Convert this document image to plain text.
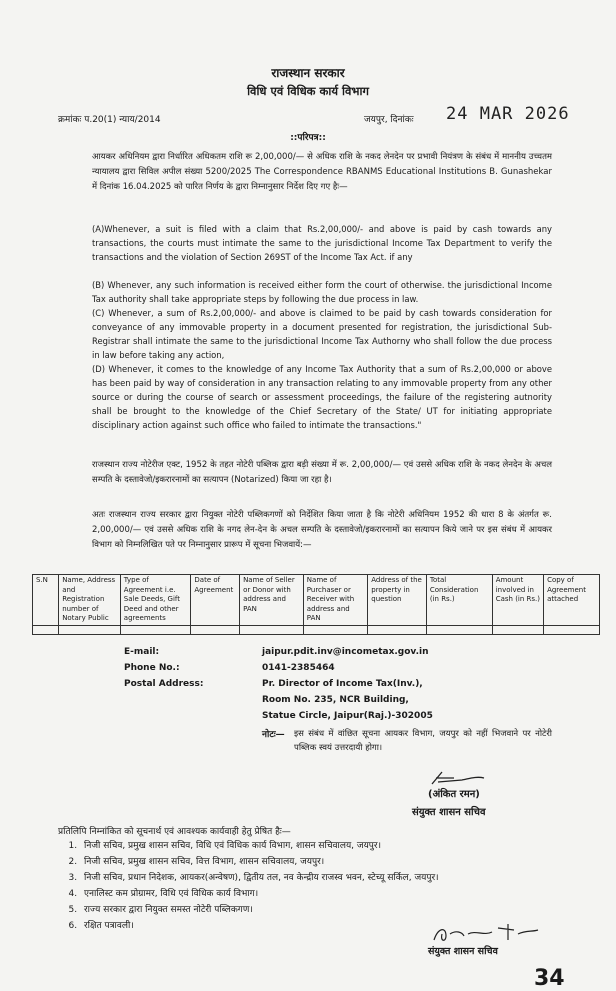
राजस्थान सरकार
विधि एवं विधिक कार्य विभाग
क्रमांकः प.20(1) न्याय/2014	जयपुर, दिनांकः 24 MAR 2026
::परिपत्र::
आयकर अधिनियम द्वारा निर्धारित अधिकतम राशि रू 2,00,000/— से अधिक राशि के नकद लेनदेन पर प्रभावी नियंत्रण के संबंध में माननीय उच्चतम न्यायालय द्वारा सिविल अपील संख्या 5200/2025 The Correspondence RBANMS Educational Institutions B. Gunashekar में दिनांक 16.04.2025 को पारित निर्णय के द्वारा निम्नानुसार निर्देश दिए गए हैः—
(A)Whenever, a suit is filed with a claim that Rs.2,00,000/- and above is paid by cash towards any transactions, the courts must intimate the same to the jurisdictional Income Tax Department to verify the transactions and the violation of Section 269ST of the Income Tax Act. if any
(B) Whenever, any such information is received either form the court of otherwise. the jurisdictional Income Tax authority shall take appropriate steps by following the due process in law.
(C) Whenever, a sum of Rs.2,00,000/- and above is claimed to be paid by cash towards consideration for conveyance of any immovable property in a document presented for registration, the jurisdictional Sub-Registrar shall intimate the same to the jurisdictional Income Tax Authorny who shall follow the due process in law before taking any action,
(D) Whenever, it comes to the knowledge of any Income Tax Authority that a sum of Rs.2,00,000 or above has been paid by way of consideration in any transaction relating to any immovable property from any other source or during the course of search or assessment proceedings, the failure of the registering autnority shall be brought to the knowledge of the Chief Secretary of the State/ UT for initiating appropriate disciplinary action against such office who failed to intimate the transactions."
राजस्थान राज्य नोटेरीज एक्ट, 1952 के तहत नोटेरी पब्लिक द्वारा बड़ी संख्या में रू. 2,00,000/— एवं उससे अधिक राशि के नकद लेनदेन के अचल सम्पति के दस्तावेजो/इकरारनामों का सत्यापन (Notarized) किया जा रहा है।
अतः राजस्थान राज्य सरकार द्वारा नियुक्त नोटेरी पब्लिकगणों को निर्देशित किया जाता है कि नोटेरी अधिनियम 1952 की धारा 8 के अंतर्गत रू. 2,00,000/— एवं उससे अधिक राशि के नगद लेन-देन के अचल सम्पति के दस्तावेजो/इकरारनामों का सत्यापन किये जाने पर इस संबंध में आयकर विभाग को निम्नलिखित पते पर निम्नानुसार प्रारूप में सूचना भिजवायें:—
S.N	Name, Address and Registration number of Notary Public	Type of Agreement i.e. Sale Deeds, Gift Deed and other agreements	Date of Agreement	Name of Seller or Donor with address and PAN	Name of Purchaser or Receiver with address and PAN	Address of the property in question	Total Consideration (in Rs.)	Amount involved in Cash (in Rs.)	Copy of Agreement attached

E-mail:	jaipur.pdit.inv@incometax.gov.in
Phone No.:	0141-2385464
Postal Address:	Pr. Director of Income Tax(Inv.),
Room No. 235, NCR Building,
Statue Circle, Jaipur(Raj.)-302005
नोटः— इस संबंध में वांछित सूचना आयकर विभाग, जयपुर को नहीं भिजवाने पर नोटेरी पब्लिक स्वयं उत्तरदायी होगा।
(अंकित रमन)
संयुक्त शासन सचिव
प्रतिलिपि निम्नांकित को सूचनार्थ एवं आवश्यक कार्यवाही हेतु प्रेषित हैः—
1. निजी सचिव, प्रमुख शासन सचिव, विधि एवं विधिक कार्य विभाग, शासन सचिवालय, जयपुर।
2. निजी सचिव, प्रमुख शासन सचिव, वित्त विभाग, शासन सचिवालय, जयपुर।
3. निजी सचिव, प्रधान निदेशक, आयकर(अन्वेषण), द्वितीय तल, नव केन्द्रीय राजस्व भवन, स्टेच्यू सर्किल, जयपुर।
4. एनालिस्ट कम प्रोग्रामर, विधि एवं विधिक कार्य विभाग।
5. राज्य सरकार द्वारा नियुक्त समस्त नोटेरी पब्लिकगण।
6. रक्षित पत्रावली।
संयुक्त शासन सचिव
34
